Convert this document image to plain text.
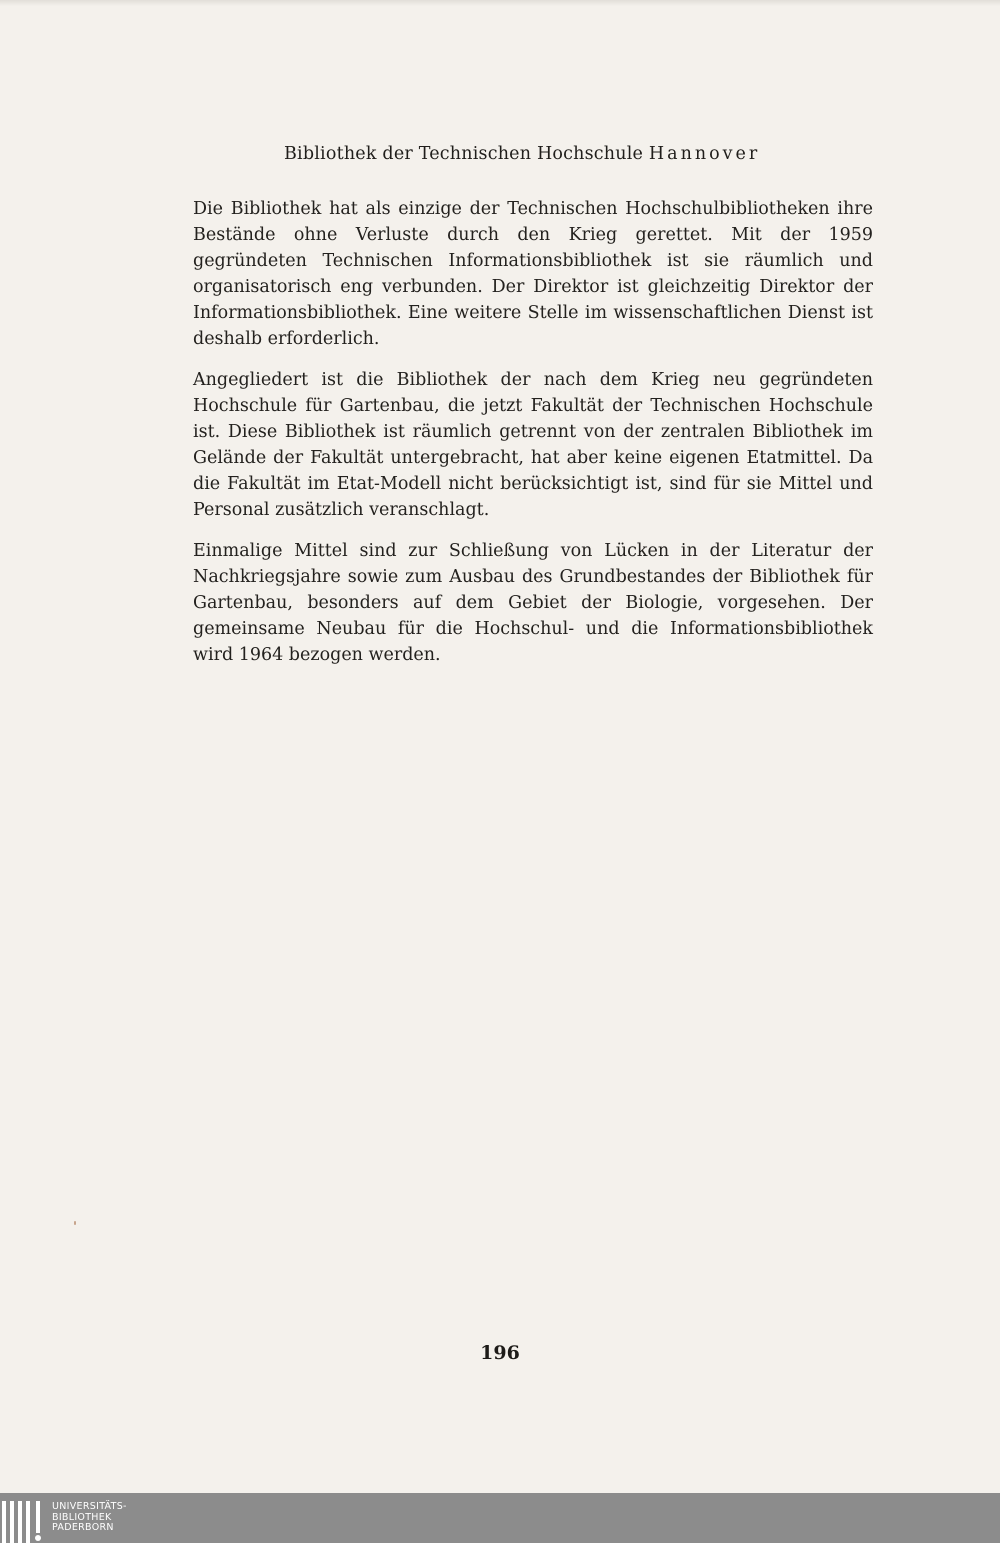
Bibliothek der Technischen Hochschule Hannover

Die Bibliothek hat als einzige der Technischen Hochschulbibliotheken ihre Bestände ohne Verluste durch den Krieg gerettet. Mit der 1959 gegründeten Technischen Informationsbibliothek ist sie räumlich und organisatorisch eng verbunden. Der Direktor ist gleichzeitig Direktor der Informationsbibliothek. Eine weitere Stelle im wissenschaftlichen Dienst ist deshalb erforderlich.

Angegliedert ist die Bibliothek der nach dem Krieg neu gegründeten Hochschule für Gartenbau, die jetzt Fakultät der Technischen Hochschule ist. Diese Bibliothek ist räumlich getrennt von der zentralen Bibliothek im Gelände der Fakultät untergebracht, hat aber keine eigenen Etatmittel. Da die Fakultät im Etat-Modell nicht berücksichtigt ist, sind für sie Mittel und Personal zusätzlich veranschlagt.

Einmalige Mittel sind zur Schließung von Lücken in der Literatur der Nachkriegsjahre sowie zum Ausbau des Grundbestandes der Bibliothek für Gartenbau, besonders auf dem Gebiet der Biologie, vorgesehen. Der gemeinsame Neubau für die Hochschul- und die Informationsbibliothek wird 1964 bezogen werden.

196
UNIVERSITÄTS-
BIBLIOTHEK
PADERBORN
